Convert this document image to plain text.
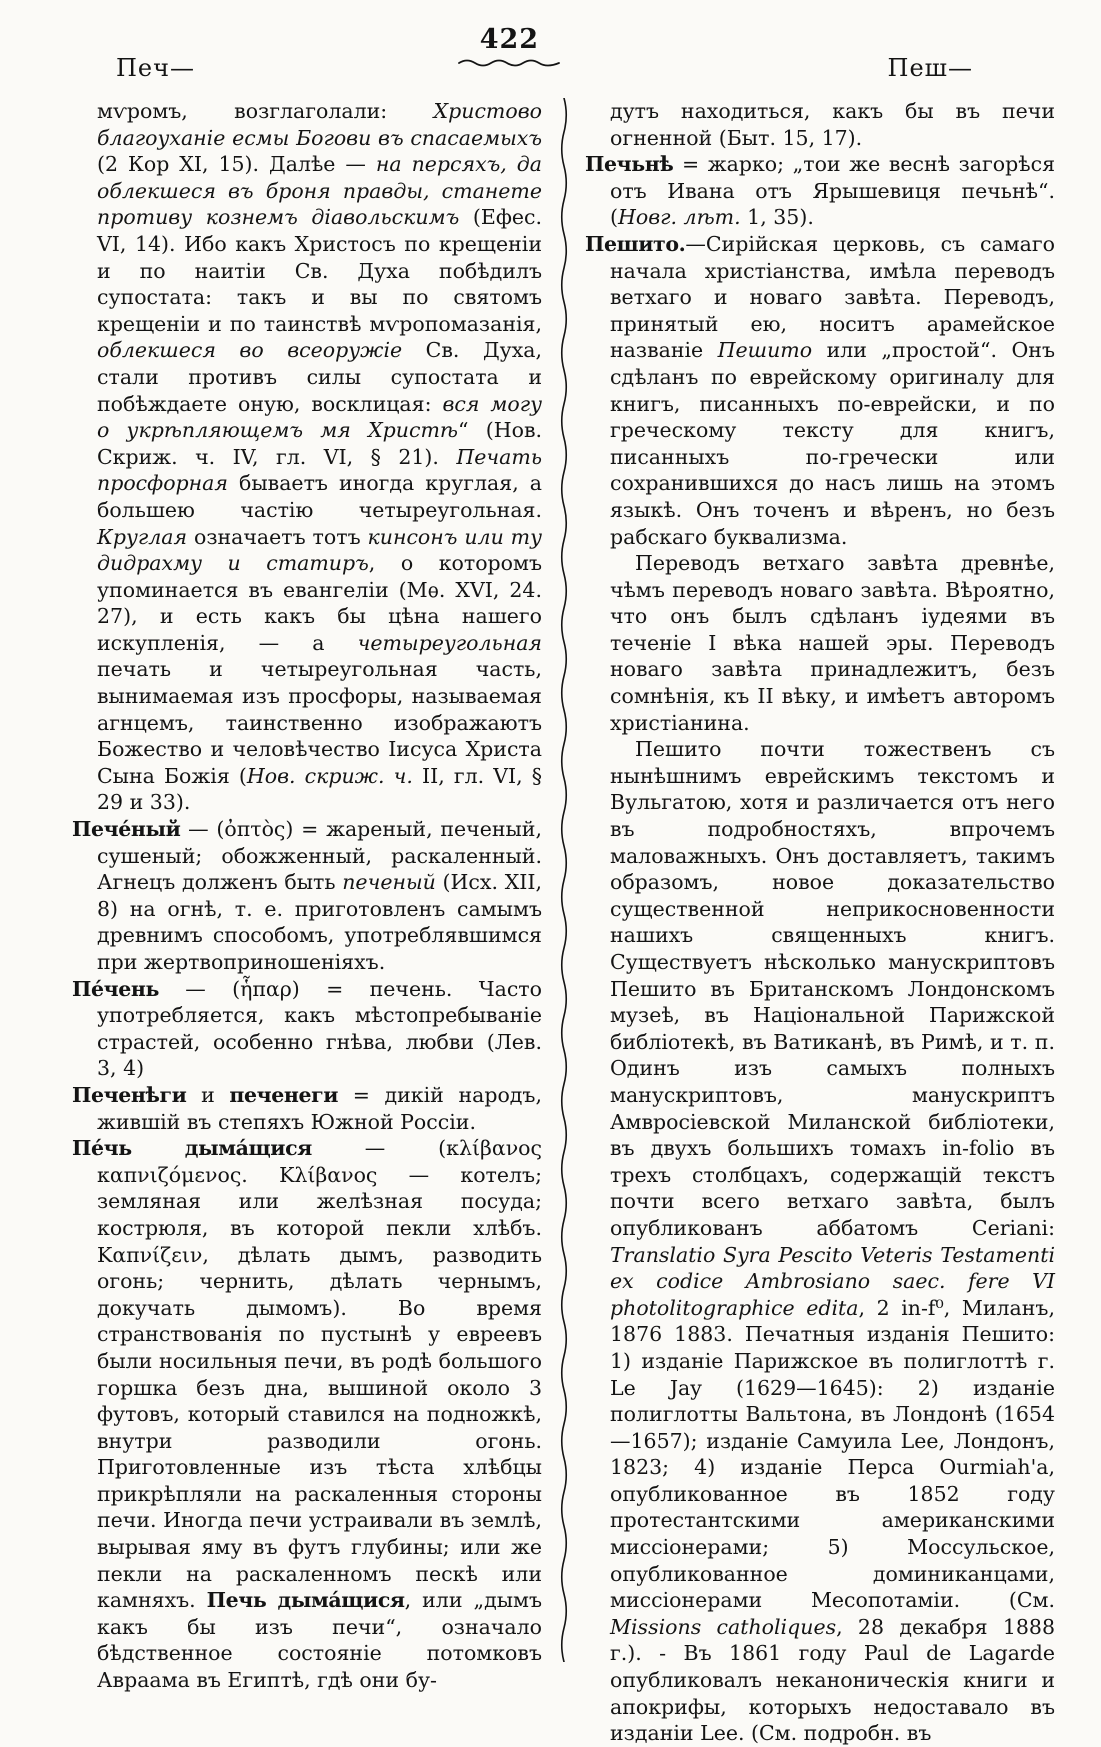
Печ—
422
Пеш—

мѵромъ, возглаголали: Христово благоуханіе есмы Богови въ спасаемыхъ (2 Кор XI, 15). Далѣе — на персяхъ, да облекшеся въ броня правды, станете противу кознемъ діавольскимъ (Ефес. VI, 14). Ибо какъ Христосъ по крещеніи и по наитіи Св. Духа побѣдилъ супостата: такъ и вы по святомъ крещеніи и по таинствѣ мѵропомазанія, облекшеся во всеоружіе Св. Духа, стали противъ силы супостата и побѣждаете оную, восклицая: вся могу о укрѣпляющемъ мя Христѣ“ (Нов. Скриж. ч. IV, гл. VI, § 21). Печать просфорная бываетъ иногда круглая, а большею частію четыреугольная. Круглая означаетъ тотъ кинсонъ или ту дидрахму и статиръ, о которомъ упоминается въ евангеліи (Мѳ. XVI, 24. 27), и есть какъ бы цѣна нашего искупленія, — а четыреугольная печать и четыреугольная часть, вынимаемая изъ просфоры, называемая агнцемъ, таинственно изображаютъ Божество и человѣчество Іисуса Христа Сына Божія (Нов. скриж. ч. II, гл. VI, § 29 и 33).

Пече́ный — (ὀπτὸς) = жареный, печеный, сушеный; обожженный, раскаленный. Агнецъ долженъ быть печеный (Исх. XII, 8) на огнѣ, т. е. приготовленъ самымъ древнимъ способомъ, употреблявшимся при жертвоприношеніяхъ.

Пе́чень — (ἧπαρ) = печень. Часто употребляется, какъ мѣстопребываніе страстей, особенно гнѣва, любви (Лев. 3, 4)

Печенѣги и печенеги = дикій народъ, жившій въ степяхъ Южной Россіи.

Пе́чь дыма́щися — (κλίβανος καπνιζόμενος. Κλίβανος — котелъ; земляная или желѣзная посуда; кострюля, въ которой пекли хлѣбъ. Καπνίζειν, дѣлать дымъ, разводить огонь; чернить, дѣлать чернымъ, докучать дымомъ). Во время странствованія по пустынѣ у евреевъ были носильныя печи, въ родѣ большого горшка безъ дна, вышиной около 3 футовъ, который ставился на подножкѣ, внутри разводили огонь. Приготовленные изъ тѣста хлѣбцы прикрѣпляли на раскаленныя стороны печи. Иногда печи устраивали въ землѣ, вырывая яму въ футъ глубины; или же пекли на раскаленномъ пескѣ или камняхъ. Печь дыма́щися, или „дымъ какъ бы изъ печи“, означало бѣдственное состояніе потомковъ Авраама въ Египтѣ, гдѣ они бу-

дутъ находиться, какъ бы въ печи огненной (Быт. 15, 17).

Печьнѣ = жарко; „тои же веснѣ загорѣся отъ Ивана отъ Ярышевиця печьнѣ“. (Новг. лѣт. 1, 35).

Пешито.—Сирійская церковь, съ самаго начала христіанства, имѣла переводъ ветхаго и новаго завѣта. Переводъ, принятый ею, носитъ арамейское названіе Пешито или „простой“. Онъ сдѣланъ по еврейскому оригиналу для книгъ, писанныхъ по-еврейски, и по греческому тексту для книгъ, писанныхъ по-гречески или сохранившихся до насъ лишь на этомъ языкѣ. Онъ точенъ и вѣренъ, но безъ рабскаго буквализма.

Переводъ ветхаго завѣта древнѣе, чѣмъ переводъ новаго завѣта. Вѣроятно, что онъ былъ сдѣланъ іудеями въ теченіе I вѣка нашей эры. Переводъ новаго завѣта принадлежитъ, безъ сомнѣнія, къ II вѣку, и имѣетъ авторомъ христіанина.

Пешито почти тожественъ съ нынѣшнимъ еврейскимъ текстомъ и Вульгатою, хотя и различается отъ него въ подробностяхъ, впрочемъ маловажныхъ. Онъ доставляетъ, такимъ образомъ, новое доказательство существенной неприкосновенности нашихъ священныхъ книгъ. Существуетъ нѣсколько манускриптовъ Пешито въ Британскомъ Лондонскомъ музеѣ, въ Національной Парижской библіотекѣ, въ Ватиканѣ, въ Римѣ, и т. п. Одинъ изъ самыхъ полныхъ манускриптовъ, манускриптъ Амвросіевской Миланской библіотеки, въ двухъ большихъ томахъ in-folio въ трехъ столбцахъ, содержащій текстъ почти всего ветхаго завѣта, былъ опубликованъ аббатомъ Ceriani: Translatio Syra Pescito Veteris Testamenti ex codice Ambrosiano saec. fere VI photolitographice edita, 2 in-f⁰, Миланъ, 1876 1883. Печатныя изданія Пешито: 1) изданіе Парижское въ полиглоттѣ г. Le Jay (1629—1645): 2) изданіе полиглотты Вальтона, въ Лондонѣ (1654—1657); изданіе Самуила Lee, Лондонъ, 1823; 4) изданіе Перса Ourmiah'a, опубликованное въ 1852 году протестантскими американскими миссіонерами; 5) Моссульское, опубликованное доминиканцами, миссіонерами Месопотаміи. (См. Missions catholiques, 28 декабря 1888 г.). - Въ 1861 году Paul de Lagarde опубликовалъ неканоническія книги и апокрифы, которыхъ недоставало въ изданіи Lee. (См. подробн. въ
